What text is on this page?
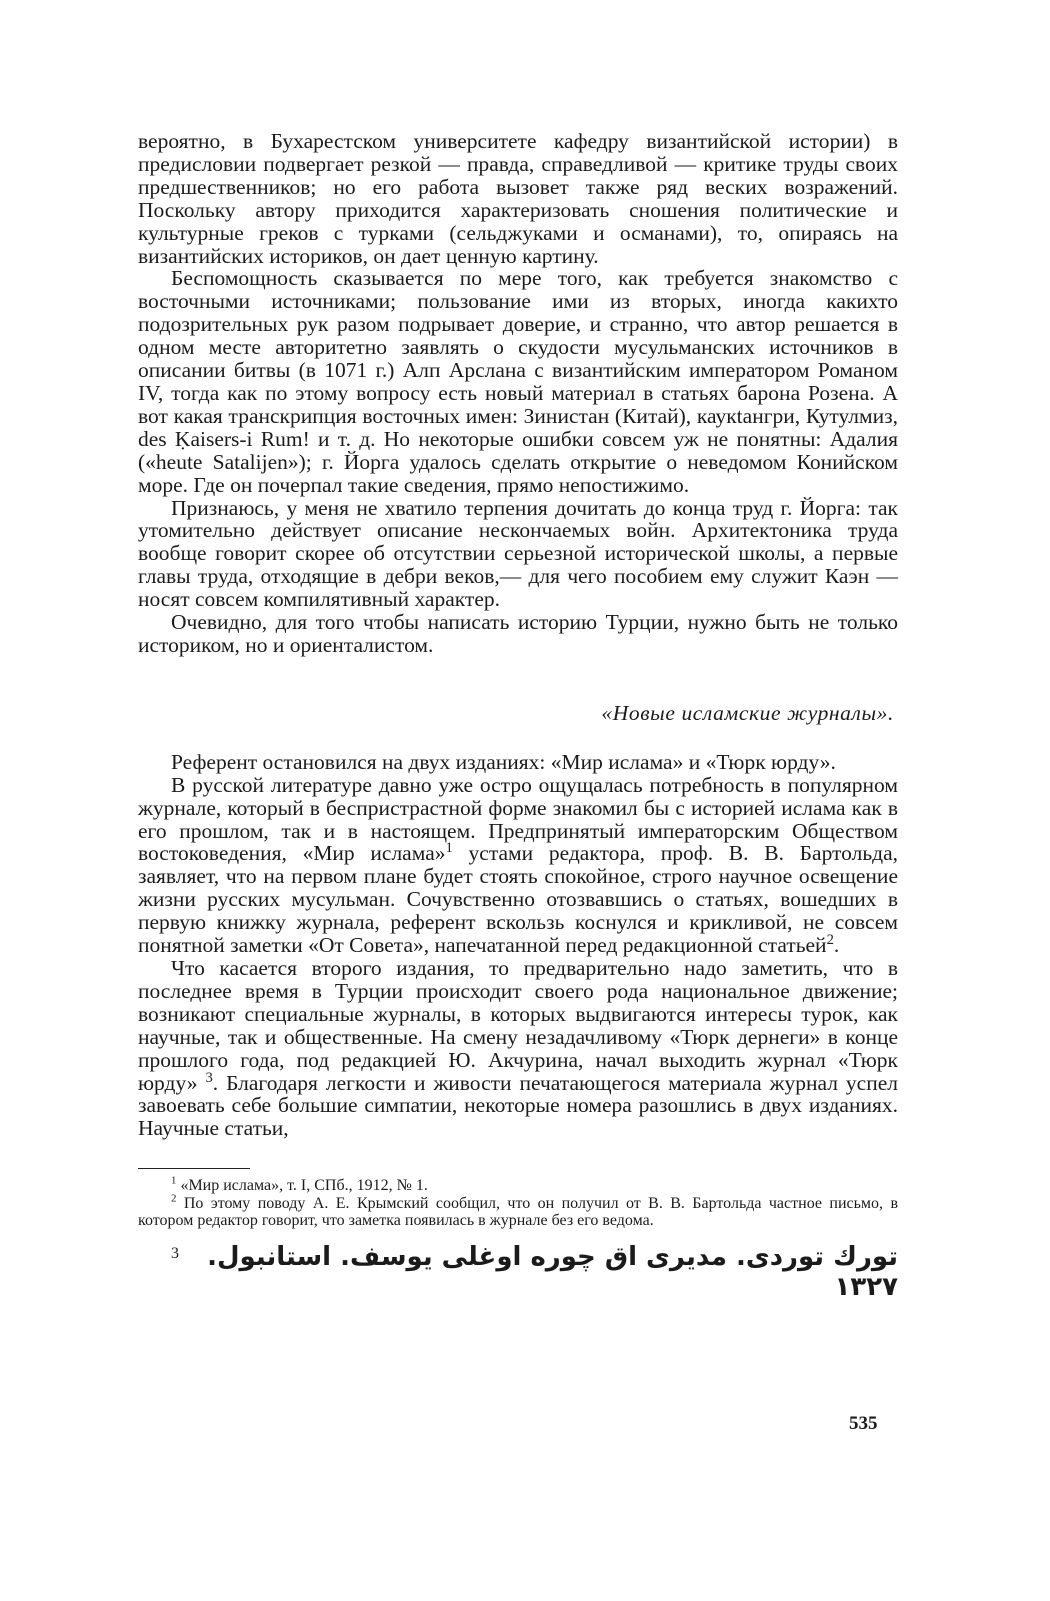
вероятно, в Бухарестском университете кафедру византийской истории) в предисловии подвергает резкой — правда, справедливой — критике труды своих предшественников; но его работа вызовет также ряд веских возражений. Поскольку автору приходится характеризовать сношения политические и культурные греков с турками (сельджуками и османами), то, опираясь на византийских историков, он дает ценную картину.

Беспомощность сказывается по мере того, как требуется знакомство с восточными источниками; пользование ими из вторых, иногда какихто подозрительных рук разом подрывает доверие, и странно, что автор решается в одном месте авторитетно заявлять о скудости мусульманских источников в описании битвы (в 1071 г.) Алп Арслана с византийским императором Романом IV, тогда как по этому вопросу есть новый материал в статьях барона Розена. А вот какая транскрипция восточных имен: Зинистан (Китай), каукtангри, Кутулмиз, des Ḳaisers-i Rum! и т. д. Но некоторые ошибки совсем уж не понятны: Адалия («heute Satalijen»); г. Йорга удалось сделать открытие о неведомом Конийском море. Где он почерпал такие сведения, прямо непостижимо.

Признаюсь, у меня не хватило терпения дочитать до конца труд г. Йорга: так утомительно действует описание нескончаемых войн. Архитектоника труда вообще говорит скорее об отсутствии серьезной исторической школы, а первые главы труда, отходящие в дебри веков,— для чего пособием ему служит Каэн — носят совсем компилятивный характер.

Очевидно, для того чтобы написать историю Турции, нужно быть не только историком, но и ориенталистом.

«Новые исламские журналы».

Референт остановился на двух изданиях: «Мир ислама» и «Тюрк юрду».

В русской литературе давно уже остро ощущалась потребность в популярном журнале, который в беспристрастной форме знакомил бы с историей ислама как в его прошлом, так и в настоящем. Предпринятый императорским Обществом востоковедения, «Мир ислама»$^1$ устами редактора, проф. В. В. Бартольда, заявляет, что на первом плане будет стоять спокойное, строго научное освещение жизни русских мусульман. Сочувственно отозвавшись о статьях, вошедших в первую книжку журнала, референт вскользь коснулся и крикливой, не совсем понятной заметки «От Совета», напечатанной перед редакционной статьей$^2$.

Что касается второго издания, то предварительно надо заметить, что в последнее время в Турции происходит своего рода национальное движение; возникают специальные журналы, в которых выдвигаются интересы турок, как научные, так и общественные. На смену незадачливому «Тюрк дернеги» в конце прошлого года, под редакцией Ю. Акчурина, начал выходить журнал «Тюрк юрду» $^3$. Благодаря легкости и живости печатающегося материала журнал успел завоевать себе большие симпатии, некоторые номера разошлись в двух изданиях. Научные статьи,

$^1$ «Мир ислама», т. I, СПб., 1912, № 1.

$^2$ По этому поводу А. Е. Крымский сообщил, что он получил от В. В. Бартольда частное письмо, в котором редактор говорит, что заметка появилась в журнале без его ведома.

3	تورك توردى. مديرى اق چوره اوغلى يوسف. استانبول. ١٣٢٧
535
